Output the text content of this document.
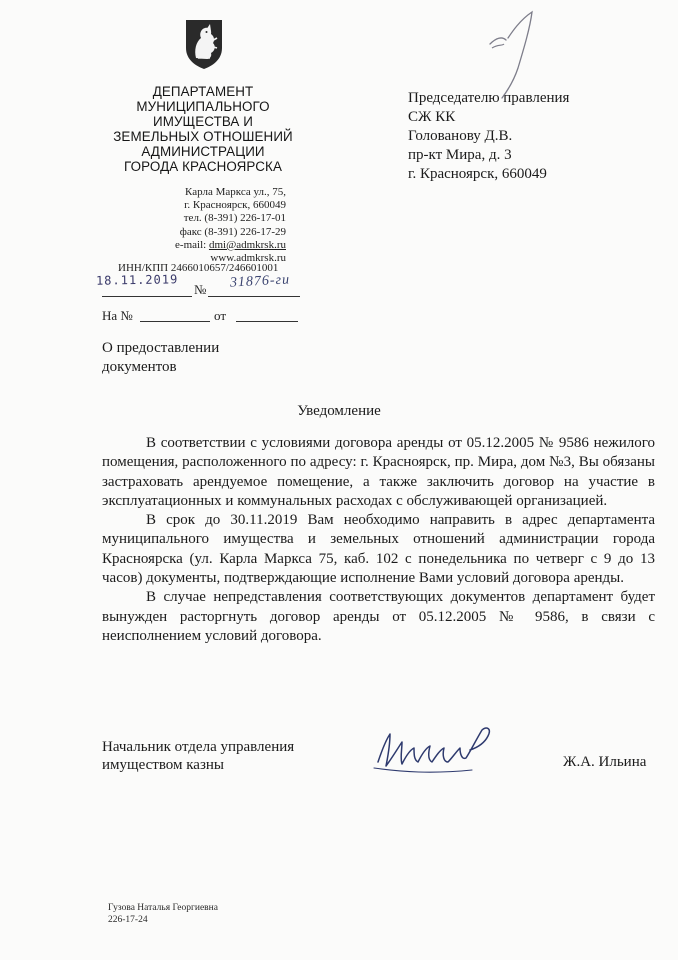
ДЕПАРТАМЕНТ
МУНИЦИПАЛЬНОГО
ИМУЩЕСТВА И
ЗЕМЕЛЬНЫХ ОТНОШЕНИЙ
АДМИНИСТРАЦИИ
ГОРОДА КРАСНОЯРСКА
Карла Маркса ул., 75,
г. Красноярск, 660049
тел. (8-391) 226-17-01
факс (8-391) 226-17-29
e-mail: dmi@admkrsk.ru
www.admkrsk.ru
ИНН/КПП 2466010657/246601001
18.11.2019
№ 31876-ги
На №	от
Председателю правления
СЖ КК
Голованову Д.В.
пр-кт Мира, д. 3
г. Красноярск, 660049
О предоставлении
документов
Уведомление

В соответствии с условиями договора аренды от 05.12.2005 № 9586 нежилого помещения, расположенного по адресу: г. Красноярск, пр. Мира, дом №3, Вы обязаны застраховать арендуемое помещение, а также заключить договор на участие в эксплуатационных и коммунальных расходах с обслуживающей организацией.

В срок до 30.11.2019 Вам необходимо направить в адрес департамента муниципального имущества и земельных отношений администрации города Красноярска (ул. Карла Маркса 75, каб. 102 с понедельника по четверг с 9 до 13 часов) документы, подтверждающие исполнение Вами условий договора аренды.

В случае непредставления соответствующих документов департамент будет вынужден расторгнуть договор аренды от 05.12.2005 № 9586, в связи с неисполнением условий договора.

Начальник отдела управления
имуществом казны	Ж.А. Ильина
Гузова Наталья Георгиевна
226-17-24
